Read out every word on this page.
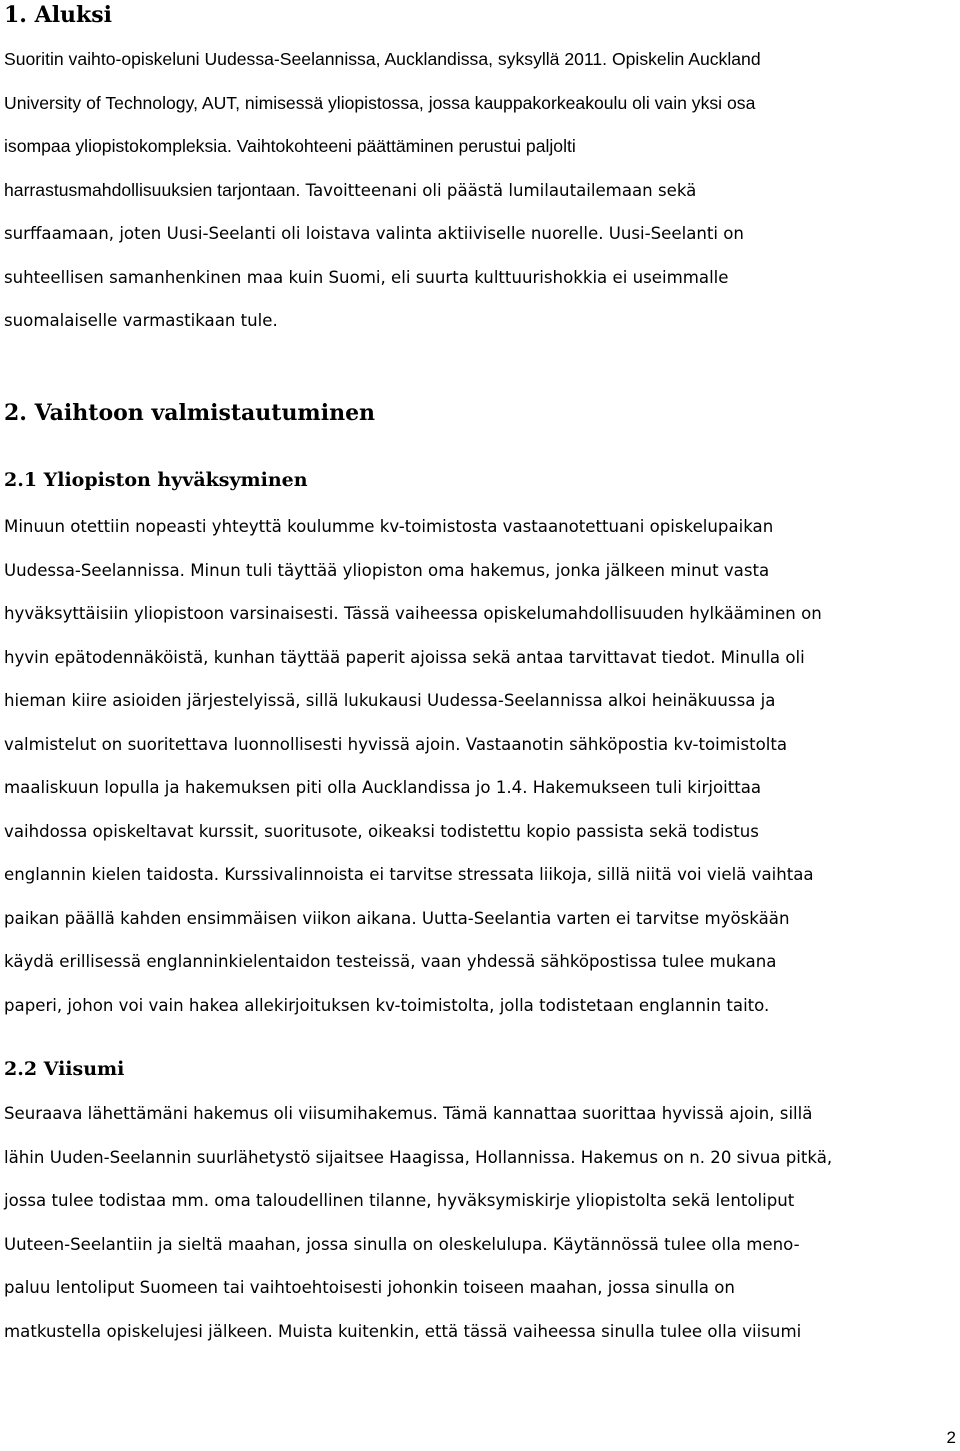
1. Aluksi
Suoritin vaihto-opiskeluni Uudessa-Seelannissa, Aucklandissa, syksyllä 2011. Opiskelin Auckland
University of Technology, AUT, nimisessä yliopistossa, jossa kauppakorkeakoulu oli vain yksi osa
isompaa yliopistokompleksia. Vaihtokohteeni päättäminen perustui paljolti
harrastusmahdollisuuksien tarjontaan. Tavoitteenani oli päästä lumilautailemaan sekä
surffaamaan, joten Uusi-Seelanti oli loistava valinta aktiiviselle nuorelle. Uusi-Seelanti on
suhteellisen samanhenkinen maa kuin Suomi, eli suurta kulttuurishokkia ei useimmalle
suomalaiselle varmastikaan tule.
2. Vaihtoon valmistautuminen
2.1 Yliopiston hyväksyminen
Minuun otettiin nopeasti yhteyttä koulumme kv-toimistosta vastaanotettuani opiskelupaikan
Uudessa-Seelannissa. Minun tuli täyttää yliopiston oma hakemus, jonka jälkeen minut vasta
hyväksyttäisiin yliopistoon varsinaisesti. Tässä vaiheessa opiskelumahdollisuuden hylkääminen on
hyvin epätodennäköistä, kunhan täyttää paperit ajoissa sekä antaa tarvittavat tiedot. Minulla oli
hieman kiire asioiden järjestelyissä, sillä lukukausi Uudessa-Seelannissa alkoi heinäkuussa ja
valmistelut on suoritettava luonnollisesti hyvissä ajoin. Vastaanotin sähköpostia kv-toimistolta
maaliskuun lopulla ja hakemuksen piti olla Aucklandissa jo 1.4. Hakemukseen tuli kirjoittaa
vaihdossa opiskeltavat kurssit, suoritusote, oikeaksi todistettu kopio passista sekä todistus
englannin kielen taidosta. Kurssivalinnoista ei tarvitse stressata liikoja, sillä niitä voi vielä vaihtaa
paikan päällä kahden ensimmäisen viikon aikana. Uutta-Seelantia varten ei tarvitse myöskään
käydä erillisessä englanninkielentaidon testeissä, vaan yhdessä sähköpostissa tulee mukana
paperi, johon voi vain hakea allekirjoituksen kv-toimistolta, jolla todistetaan englannin taito.
2.2 Viisumi
Seuraava lähettämäni hakemus oli viisumihakemus. Tämä kannattaa suorittaa hyvissä ajoin, sillä
lähin Uuden-Seelannin suurlähetystö sijaitsee Haagissa, Hollannissa. Hakemus on n. 20 sivua pitkä,
jossa tulee todistaa mm. oma taloudellinen tilanne, hyväksymiskirje yliopistolta sekä lentoliput
Uuteen-Seelantiin ja sieltä maahan, jossa sinulla on oleskelulupa. Käytännössä tulee olla meno-
paluu lentoliput Suomeen tai vaihtoehtoisesti johonkin toiseen maahan, jossa sinulla on
matkustella opiskelujesi jälkeen. Muista kuitenkin, että tässä vaiheessa sinulla tulee olla viisumi
2
